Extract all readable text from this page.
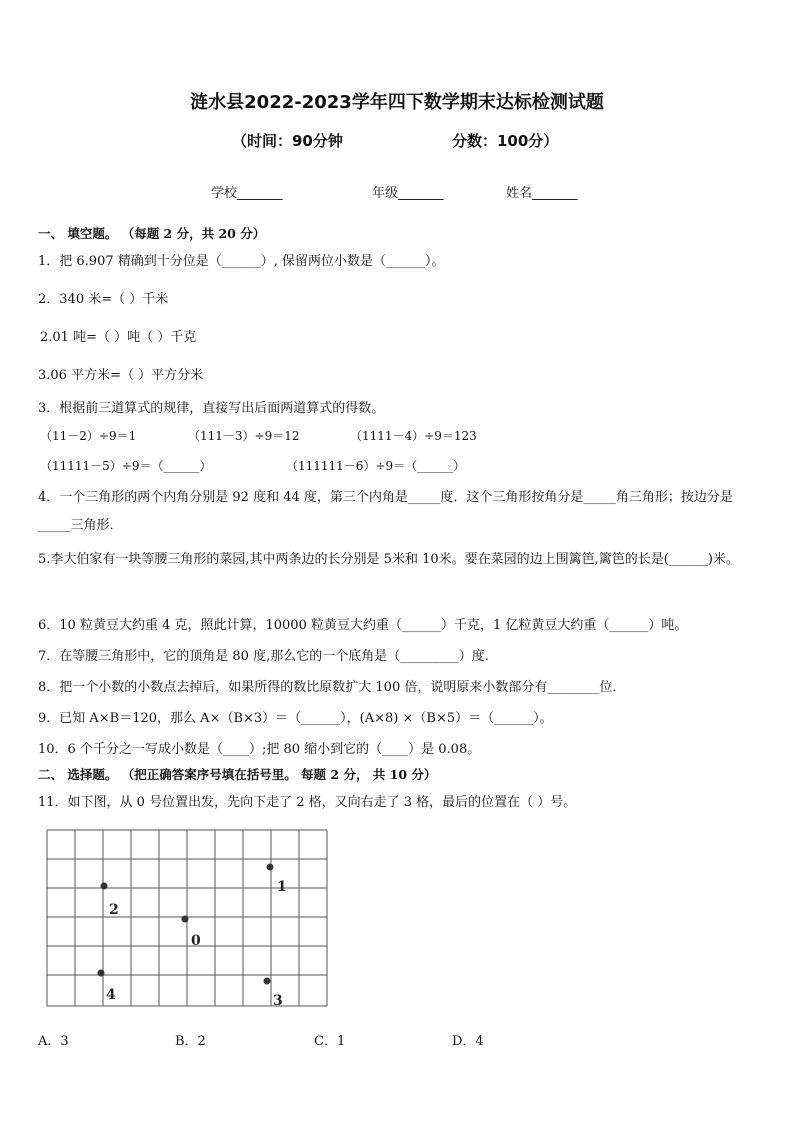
涟水县2022-2023学年四下数学期末达标检测试题
（时间：90分钟	分数：100分）
学校_______	年级_______	姓名_______
一、 填空题。 （每题 2 分，共 20 分）
1．把 6.907 精确到十分位是（______）, 保留两位小数是（______）。
2．340 米=（ ）千米
2.01 吨=（ ）吨（ ）千克
3.06 平方米=（ ）平方分米
3．根据前三道算式的规律，直接写出后面两道算式的得数。
（11－2）÷9＝1	（111－3）÷9＝12	（1111－4）÷9＝123
（11111－5）÷9＝（______）	（111111－6）÷9＝（______）
4．一个三角形的两个内角分别是 92 度和 44 度，第三个内角是_____度．这个三角形按角分是_____角三角形；按边分是_____三角形．
5.李大伯家有一块等腰三角形的菜园,其中两条边的长分别是 5米和 10米。要在菜园的边上围篱笆,篱笆的长是(______)米。
6．10 粒黄豆大约重 4 克，照此计算，10000 粒黄豆大约重（______）千克，1 亿粒黄豆大约重（______）吨。
7．在等腰三角形中，它的顶角是 80 度,那么它的一个底角是（_________）度．
8．把一个小数的小数点去掉后，如果所得的数比原数扩大 100 倍，说明原来小数部分有________位．
9．已知 A×B＝120，那么 A×（B×3）＝（______），(A×8) ×（B×5）＝（______）。
10．6 个千分之一写成小数是（____）;把 80 缩小到它的（____）是 0.08。
二、 选择题。 （把正确答案序号填在括号里。 每题 2 分， 共 10 分）
11．如下图，从 0 号位置出发，先向下走了 2 格，又向右走了 3 格，最后的位置在（ ）号。
1
2
0
4	3
A．3	B．2	C．1	D．4
